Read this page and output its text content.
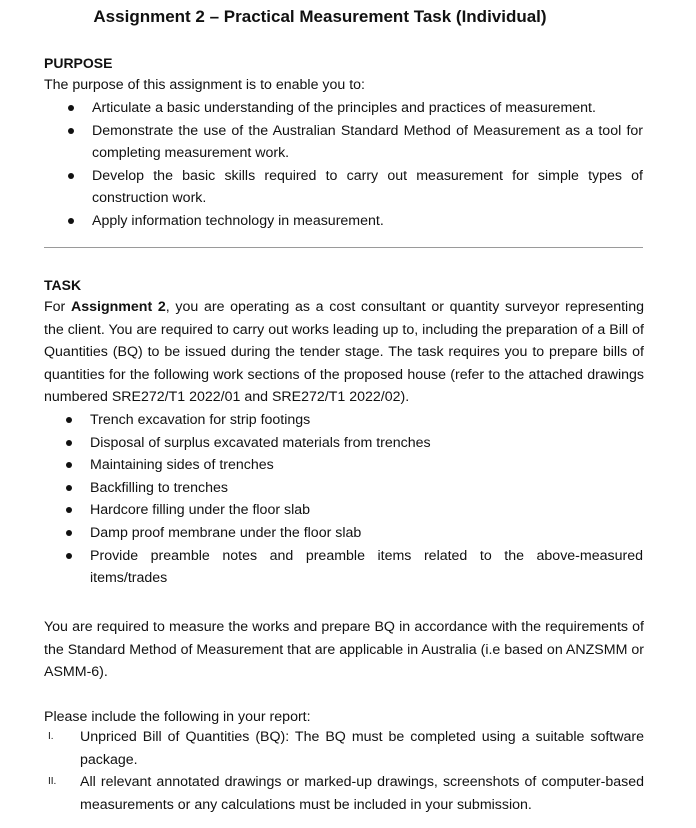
Assignment 2 – Practical Measurement Task (Individual)
PURPOSE
The purpose of this assignment is to enable you to:
Articulate a basic understanding of the principles and practices of measurement.
Demonstrate the use of the Australian Standard Method of Measurement as a tool for completing measurement work.
Develop the basic skills required to carry out measurement for simple types of construction work.
Apply information technology in measurement.
TASK
For Assignment 2, you are operating as a cost consultant or quantity surveyor representing the client. You are required to carry out works leading up to, including the preparation of a Bill of Quantities (BQ) to be issued during the tender stage. The task requires you to prepare bills of quantities for the following work sections of the proposed house (refer to the attached drawings numbered SRE272/T1 2022/01 and SRE272/T1 2022/02).
Trench excavation for strip footings
Disposal of surplus excavated materials from trenches
Maintaining sides of trenches
Backfilling to trenches
Hardcore filling under the floor slab
Damp proof membrane under the floor slab
Provide preamble notes and preamble items related to the above-measured items/trades
You are required to measure the works and prepare BQ in accordance with the requirements of the Standard Method of Measurement that are applicable in Australia (i.e based on ANZSMM or ASMM-6).
Please include the following in your report:
I. Unpriced Bill of Quantities (BQ): The BQ must be completed using a suitable software package.
II. All relevant annotated drawings or marked-up drawings, screenshots of computer-based measurements or any calculations must be included in your submission.
